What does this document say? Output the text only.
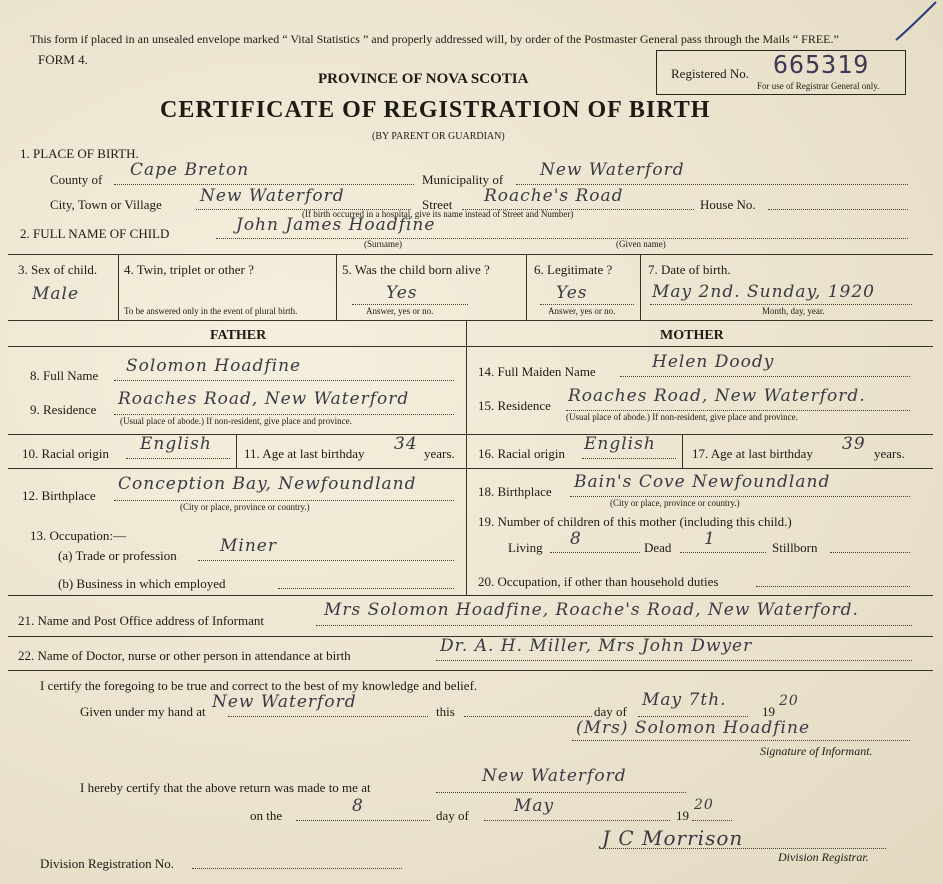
This form if placed in an unsealed envelope marked “ Vital Statistics ” and properly addressed will, by order of the Postmaster General pass through the Mails “ FREE.”
FORM 4.
PROVINCE OF NOVA SCOTIA
CERTIFICATE OF REGISTRATION OF BIRTH
(BY PARENT OR GUARDIAN)
Registered No. 665319
For use of Registrar General only.
1. PLACE OF BIRTH.
County of Cape Breton	Municipality of New Waterford
City, Town or Village New Waterford	Street Roache's Road	House No.
(If birth occurred in a hospital, give its name instead of Street and Number)
2. FULL NAME OF CHILD	John James Hoadfine
(Surname)	(Given name)
3. Sex of child.
Male
4. Twin, triplet or other ?
To be answered only in the event of plural birth.
5. Was the child born alive ?
Yes
Answer, yes or no.
6. Legitimate ?
Yes
Answer, yes or no.
7. Date of birth.
May 2nd. Sunday, 1920
Month, day, year.
FATHER	MOTHER
8. Full Name Solomon Hoadfine
9. Residence
Roaches Road, New Waterford
(Usual place of abode.) If non-resident, give place and province.
10. Racial origin English 11. Age at last birthday 34 years.
12. Birthplace
Conception Bay, Newfoundland
(City or place, province or country.)
13. Occupation:—
(a) Trade or profession	Miner
(b) Business in which employed
14. Full Maiden Name	Helen Doody
15. Residence Roaches Road, New Waterford.
(Usual place of abode.) If non-resident, give place and province.
16. Racial origin English	17. Age at last birthday 39 years.
18. Birthplace Bain's Cove Newfoundland
(City or place, province or country.)
19. Number of children of this mother (including this child.)
Living 8	Dead 1	Stillborn
20. Occupation, if other than household duties
21. Name and Post Office address of Informant
Mrs Solomon Hoadfine, Roache's Road, New Waterford.
22. Name of Doctor, nurse or other person in attendance at birth	Dr. A. H. Miller, Mrs John Dwyer
I certify the foregoing to be true and correct to the best of my knowledge and belief.
Given under my hand at New Waterford	this	day of
May 7th.
19
20
(Mrs) Solomon Hoadfine
Signature of Informant.
I hereby certify that the above return was made to me at
New Waterford
on the	8	day of	May	19
20
J C Morrison
Division Registrar.
Division Registration No.
